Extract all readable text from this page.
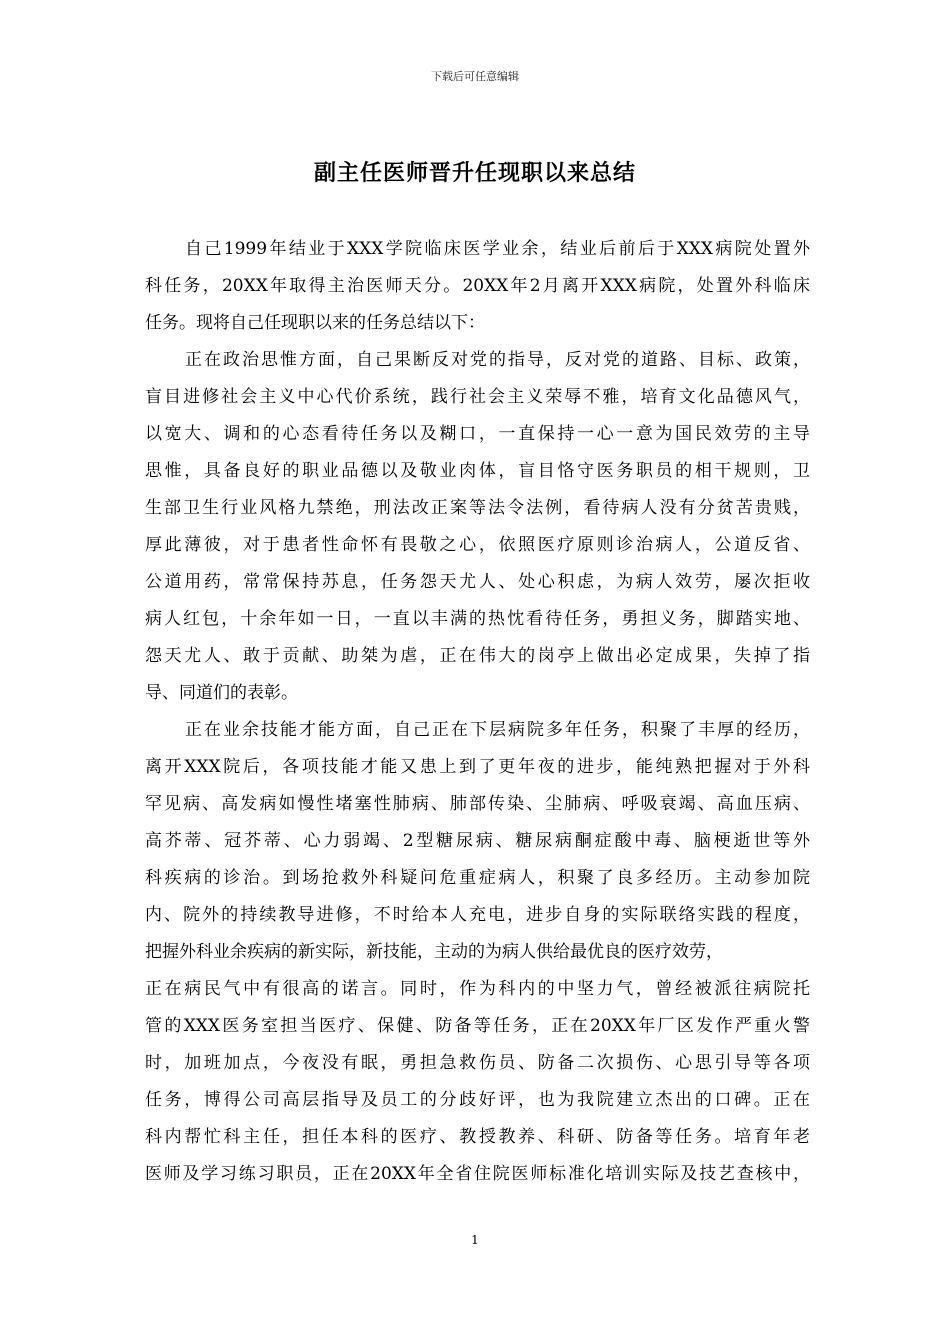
下载后可任意编辑
副主任医师晋升任现职以来总结
自己1999年结业于XXX学院临床医学业余，结业后前后于XXX病院处置外
科任务，20XX年取得主治医师天分。20XX年2月离开XXX病院，处置外科临床
任务。现将自己任现职以来的任务总结以下：
正在政治思惟方面，自己果断反对党的指导，反对党的道路、目标、政策，
盲目进修社会主义中心代价系统，践行社会主义荣辱不雅，培育文化品德风气，
以宽大、调和的心态看待任务以及糊口，一直保持一心一意为国民效劳的主导
思惟，具备良好的职业品德以及敬业肉体，盲目恪守医务职员的相干规则，卫
生部卫生行业风格九禁绝，刑法改正案等法令法例，看待病人没有分贫苦贵贱，
厚此薄彼，对于患者性命怀有畏敬之心，依照医疗原则诊治病人，公道反省、
公道用药，常常保持苏息，任务怨天尤人、处心积虑，为病人效劳，屡次拒收
病人红包，十余年如一日，一直以丰满的热忱看待任务，勇担义务，脚踏实地、
怨天尤人、敢于贡献、助桀为虐，正在伟大的岗亭上做出必定成果，失掉了指
导、同道们的表彰。
正在业余技能才能方面，自己正在下层病院多年任务，积聚了丰厚的经历，
离开XXX院后，各项技能才能又患上到了更年夜的进步，能纯熟把握对于外科
罕见病、高发病如慢性堵塞性肺病、肺部传染、尘肺病、呼吸衰竭、高血压病、
高芥蒂、冠芥蒂、心力弱竭、2型糖尿病、糖尿病酮症酸中毒、脑梗逝世等外
科疾病的诊治。到场抢救外科疑问危重症病人，积聚了良多经历。主动参加院
内、院外的持续教导进修，不时给本人充电，进步自身的实际联络实践的程度，
把握外科业余疾病的新实际，新技能，主动的为病人供给最优良的医疗效劳，
正在病民气中有很高的诺言。同时，作为科内的中坚力气，曾经被派往病院托
管的XXX医务室担当医疗、保健、防备等任务，正在20XX年厂区发作严重火警
时，加班加点，今夜没有眠，勇担急救伤员、防备二次损伤、心思引导等各项
任务，博得公司高层指导及员工的分歧好评，也为我院建立杰出的口碑。正在
科内帮忙科主任，担任本科的医疗、教授教养、科研、防备等任务。培育年老
医师及学习练习职员，正在20XX年全省住院医师标准化培训实际及技艺查核中，
1
